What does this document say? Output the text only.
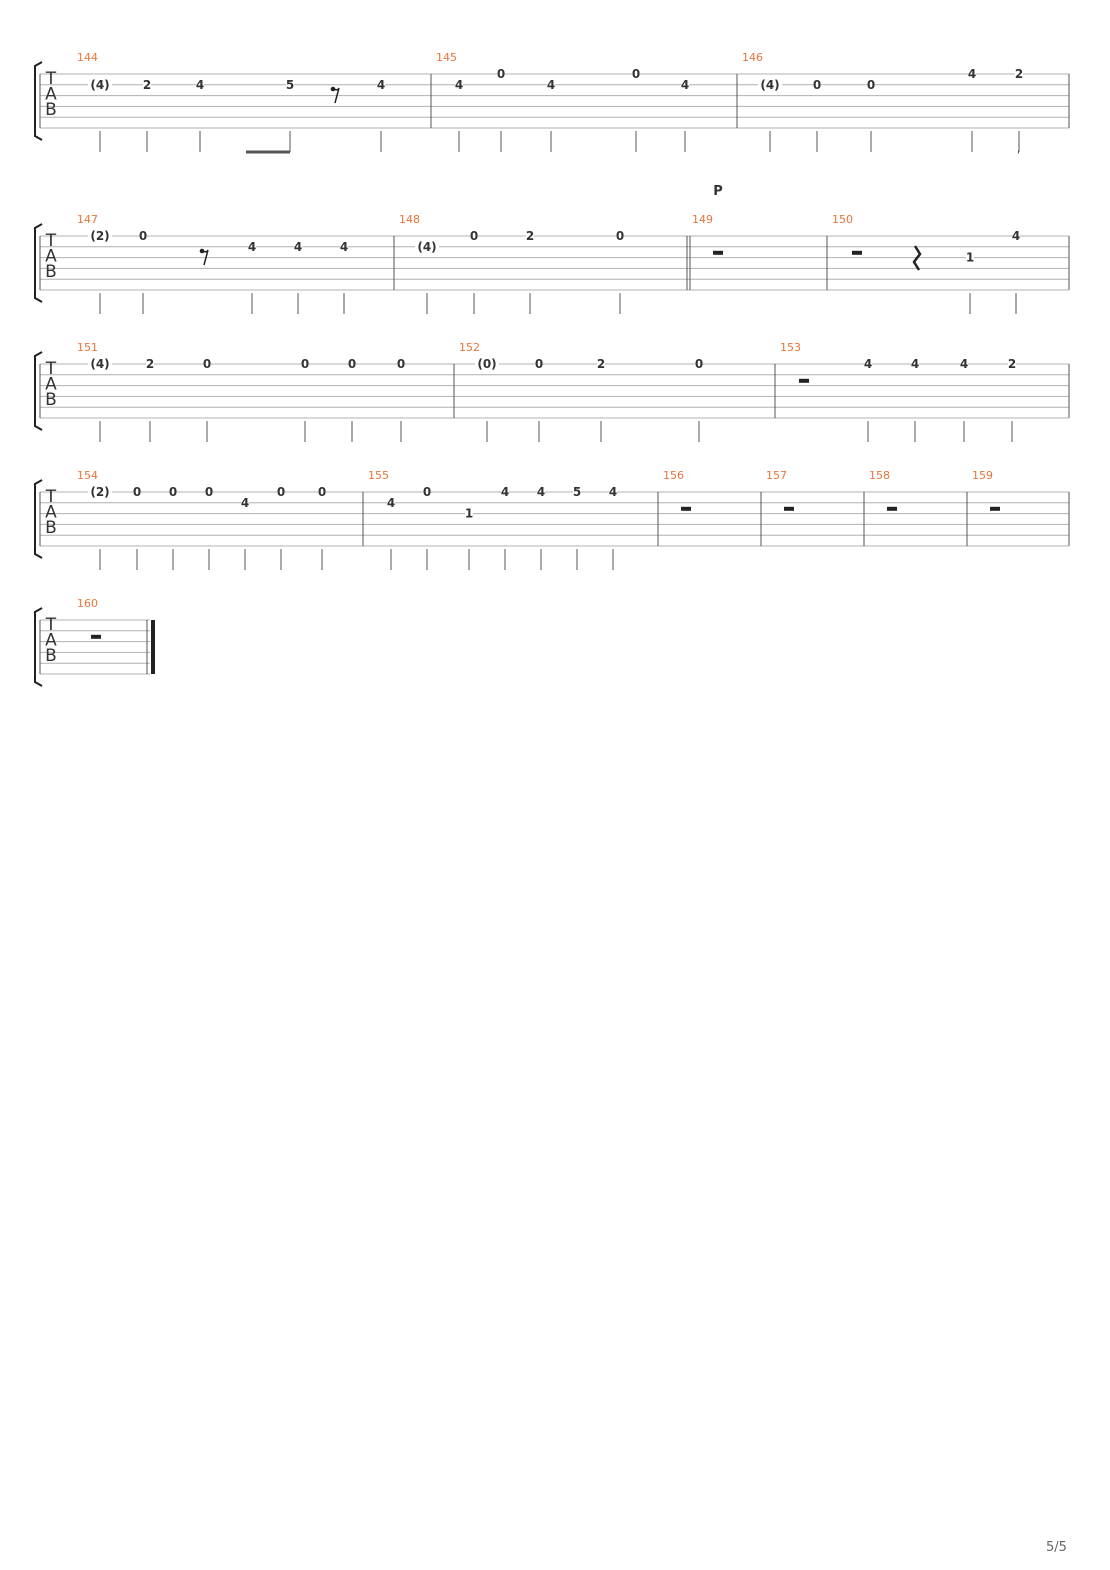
T
A
B
144
(4)	2	4	5	4
145
4
0
4
0
4
146
(4)	0	0
4	2
T
A
B
147
(2) 0
4	4	4
148
(4)
0	2	0
149	150
1
4
T
A
B
151
(4)	2	0	0	0	0
152
(0)	0	2	0
153
4	4	4	2
T
A
B
154
(2) 0 0 0
4
0	0
155
4
0
1
4 4 5 4
156	157	158	159
T
A
B
160
P
5/5
